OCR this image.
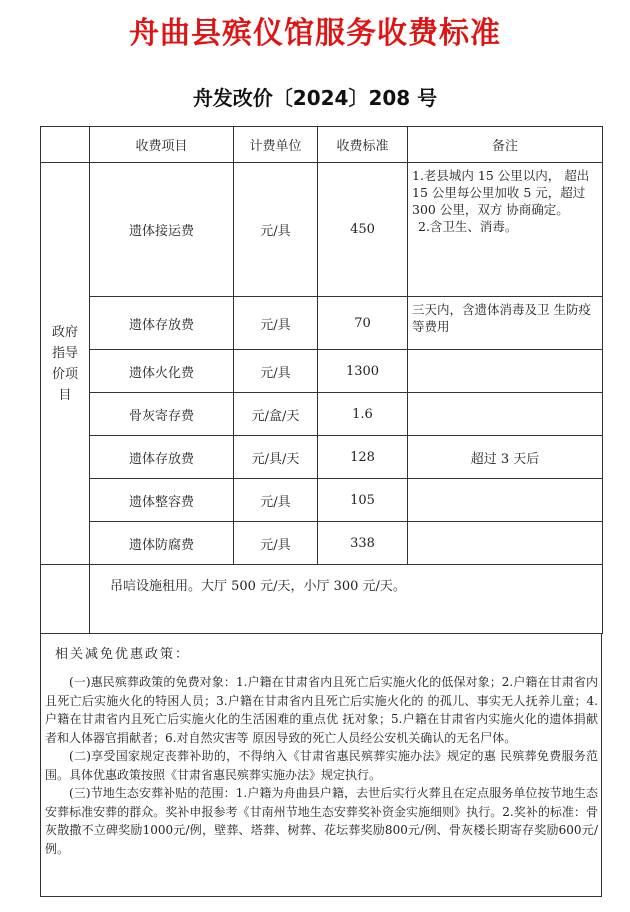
舟曲县殡仪馆服务收费标准
舟发改价〔2024〕208 号
	收费项目	计费单位	收费标准	备注
政府指导价项目	遗体接运费	元/具	450	1.老县城内 15 公里以内， 超出 15 公里每公里加收 5 元，超过 300 公里，双方 协商确定。
2.含卫生、消毒。

	遗体存放费	元/具	70	三天内，含遗体消毒及卫 生防疫等费用

	遗体火化费	元/具	1300	
	骨灰寄存费	元/盒/天	1.6	
	遗体存放费	元/具/天	128	超过 3 天后
	遗体整容费	元/具	105	
	遗体防腐费	元/具	338	
	吊唁设施租用。大厅 500 元/天，小厅 300 元/天。			
相关减免优惠政策：

(一)惠民殡葬政策的免费对象：1.户籍在甘肃省内且死亡后实施火化的低保对象；2.户籍在甘肃省内且死亡后实施火化的特困人员；3.户籍在甘肃省内且死亡后实施火化的 的孤儿、事实无人抚养儿童；4.户籍在甘肃省内且死亡后实施火化的生活困难的重点优 抚对象；5.户籍在甘肃省内实施火化的遗体捐献者和人体器官捐献者；6.对自然灾害等 原因导致的死亡人员经公安机关确认的无名尸体。

(二)享受国家规定丧葬补助的，不得纳入《甘肃省惠民殡葬实施办法》规定的惠 民殡葬免费服务范围。具体优惠政策按照《甘肃省惠民殡葬实施办法》规定执行。

(三)节地生态安葬补贴的范围：1.户籍为舟曲县户籍，去世后实行火葬且在定点服务单位按节地生态安葬标准安葬的群众。奖补申报参考《甘南州节地生态安葬奖补资金实施细则》执行。2.奖补的标准：骨灰散撒不立碑奖励1000元/例，壁葬、塔葬、树葬、花坛葬奖励800元/例、骨灰楼长期寄存奖励600元/例。
